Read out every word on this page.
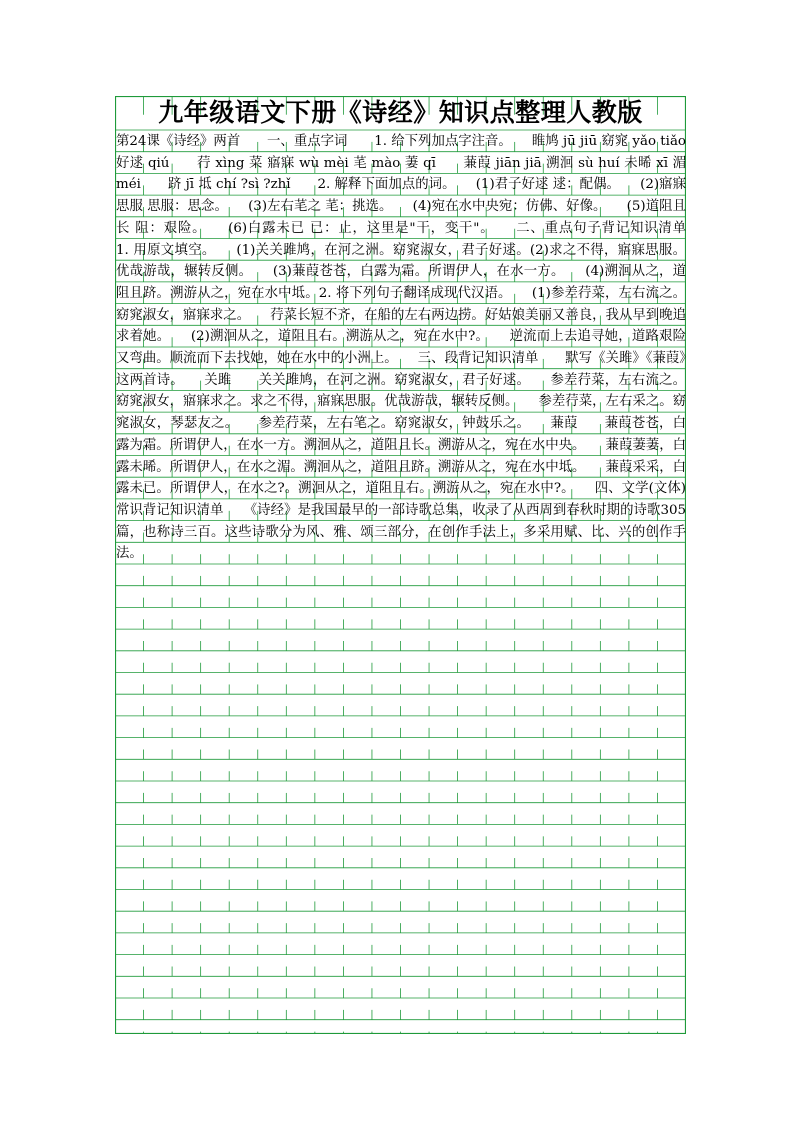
九年级语文下册《诗经》知识点整理人教版

第24课《诗经》两首　　一、重点字词　　1. 给下列加点字注音。　　睢鸠 jū jiū 窈窕 yǎo tiǎo 好逑 qiú　　荇 xìng 菜 寤寐 wù mèi 芼 mào 萋 qī　　蒹葭 jiān jiā 溯洄 sù huí 未晞 xī 湄 méi　　跻 jī 坻 chí ?sì ?zhǐ　　2. 解释下面加点的词。　　(1)君子好逑 逑：配偶。　　(2)寤寐思服 思服：思念。　　(3)左右芼之 芼：挑选。　　(4)宛在水中央宛：仿佛、好像。　　(5)道阻且长 阻：艰险。　　(6)白露未已 已：止，这里是"干，变干"。　　二、重点句子背记知识清单　　1. 用原文填空。　　(1)关关雎鸠，在河之洲。窈窕淑女，君子好逑。(2)求之不得，寤寐思服。优哉游哉，辗转反侧。　　(3)蒹葭苍苍，白露为霜。所谓伊人，在水一方。　　(4)溯洄从之，道阻且跻。溯游从之，宛在水中坻。2. 将下列句子翻译成现代汉语。　　(1)参差荇菜，左右流之。窈窕淑女，寤寐求之。　　荇菜长短不齐，在船的左右两边捞。好姑娘美丽又善良，我从早到晚追求着她。　　(2)溯洄从之，道阻且右。溯游从之，宛在水中?。　　逆流而上去追寻她，道路艰险又弯曲。顺流而下去找她，她在水中的小洲上。　　三、段背记知识清单　　默写《关雎》《蒹葭》这两首诗。　　关雎　　关关雎鸠，在河之洲。窈窕淑女，君子好逑。　　参差荇菜，左右流之。窈窕淑女，寤寐求之。求之不得，寤寐思服。优哉游哉，辗转反侧。　　参差荇菜，左右采之。窈窕淑女，琴瑟友之。　　参差荇菜，左右笔之。窈窕淑女，钟鼓乐之。　　蒹葭　　蒹葭苍苍，白露为霜。所谓伊人，在水一方。溯洄从之，道阻且长。溯游从之，宛在水中央。　　蒹葭萋萋，白露未晞。所谓伊人，在水之湄。溯洄从之，道阻且跻。溯游从之，宛在水中坻。　　蒹葭采采，白露未已。所谓伊人，在水之?。溯洄从之，道阻且右。溯游从之，宛在水中?。　　四、文学(文体)常识背记知识清单　　《诗经》是我国最早的一部诗歌总集，收录了从西周到春秋时期的诗歌305篇，也称诗三百。这些诗歌分为风、雅、颂三部分，在创作手法上，多采用赋、比、兴的创作手法。
